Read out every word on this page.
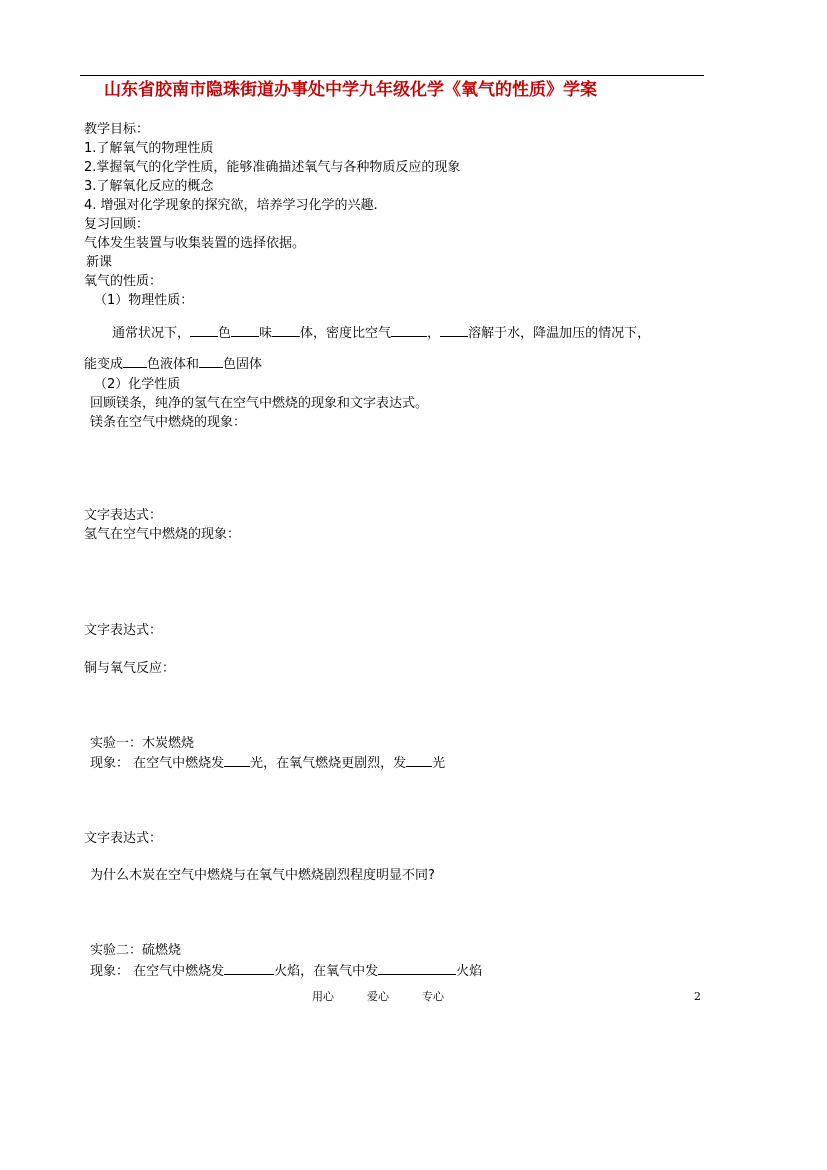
山东省胶南市隐珠街道办事处中学九年级化学《氧气的性质》学案
教学目标：
1.了解氧气的物理性质
2.掌握氧气的化学性质，能够准确描述氧气与各种物质反应的现象
3.了解氧化反应的概念
4. 增强对化学现象的探究欲，培养学习化学的兴趣.
复习回顾：
气体发生装置与收集装置的选择依据。
新课
氧气的性质：
（1）物理性质：
通常状况下， 色 味 体，密度比空气	， 溶解于水，降温加压的情况下，
能变成 色液体和 色固体
（2）化学性质
回顾镁条，纯净的氢气在空气中燃烧的现象和文字表达式。
镁条在空气中燃烧的现象：
文字表达式：
氢气在空气中燃烧的现象：
文字表达式：
铜与氧气反应：
实验一：木炭燃烧
现象： 在空气中燃烧发 光，在氧气燃烧更剧烈，发 光
文字表达式：
为什么木炭在空气中燃烧与在氧气中燃烧剧烈程度明显不同?
实验二：硫燃烧
现象： 在空气中燃烧发	火焰，在氧气中发	火焰
用心	爱心	专心	2
